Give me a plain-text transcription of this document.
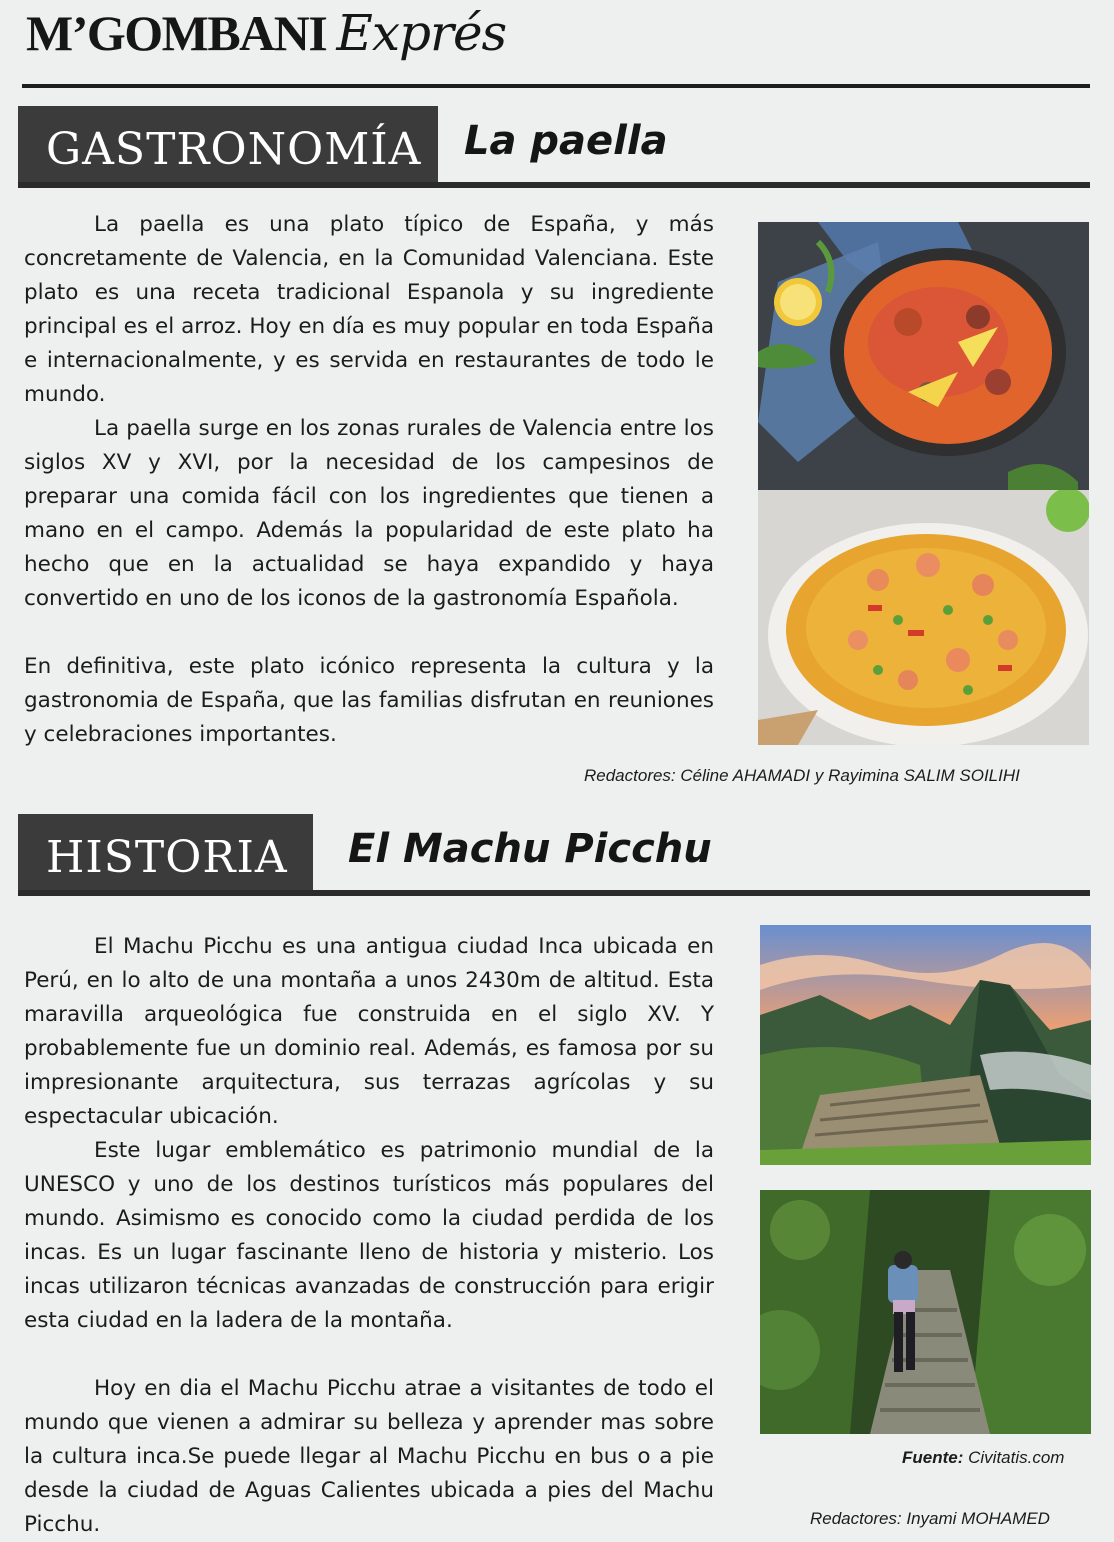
M’GOMBANI Exprés
GASTRONOMÍA	La paella

La paella es una plato típico de España, y más concretamente de Valencia, en la Comunidad Valenciana. Este plato es una receta tradicional Espanola y su ingrediente principal es el arroz. Hoy en día es muy popular en toda España e internacionalmente, y es servida en restaurantes de todo le mundo.

La paella surge en los zonas rurales de Valencia entre los siglos XV y XVI, por la necesidad de los campesinos de preparar una comida fácil con los ingredientes que tienen a mano en el campo. Además la popularidad de este plato ha hecho que en la actualidad se haya expandido y haya convertido en uno de los iconos de la gastronomía Española.

En definitiva, este plato icónico representa la cultura y la gastronomia de España, que las familias disfrutan en reuniones y celebraciones importantes.

Redactores: Céline AHAMADI y Rayimina SALIM SOILIHI
HISTORIA	El Machu Picchu

El Machu Picchu es una antigua ciudad Inca ubicada en Perú, en lo alto de una montaña a unos 2430m de altitud. Esta maravilla arqueológica fue construida en el siglo XV. Y probablemente fue un dominio real. Además, es famosa por su impresionante arquitectura, sus terrazas agrícolas y su espectacular ubicación.

Este lugar emblemático es patrimonio mundial de la UNESCO y uno de los destinos turísticos más populares del mundo. Asimismo es conocido como la ciudad perdida de los incas. Es un lugar fascinante lleno de historia y misterio. Los incas utilizaron técnicas avanzadas de construcción para erigir esta ciudad en la ladera de la montaña.

Hoy en dia el Machu Picchu atrae a visitantes de todo el mundo que vienen a admirar su belleza y aprender mas sobre la cultura inca.Se puede llegar al Machu Picchu en bus o a pie desde la ciudad de Aguas Calientes ubicada a pies del Machu Picchu.

Fuente: Civitatis.com
Redactores: Inyami MOHAMED
